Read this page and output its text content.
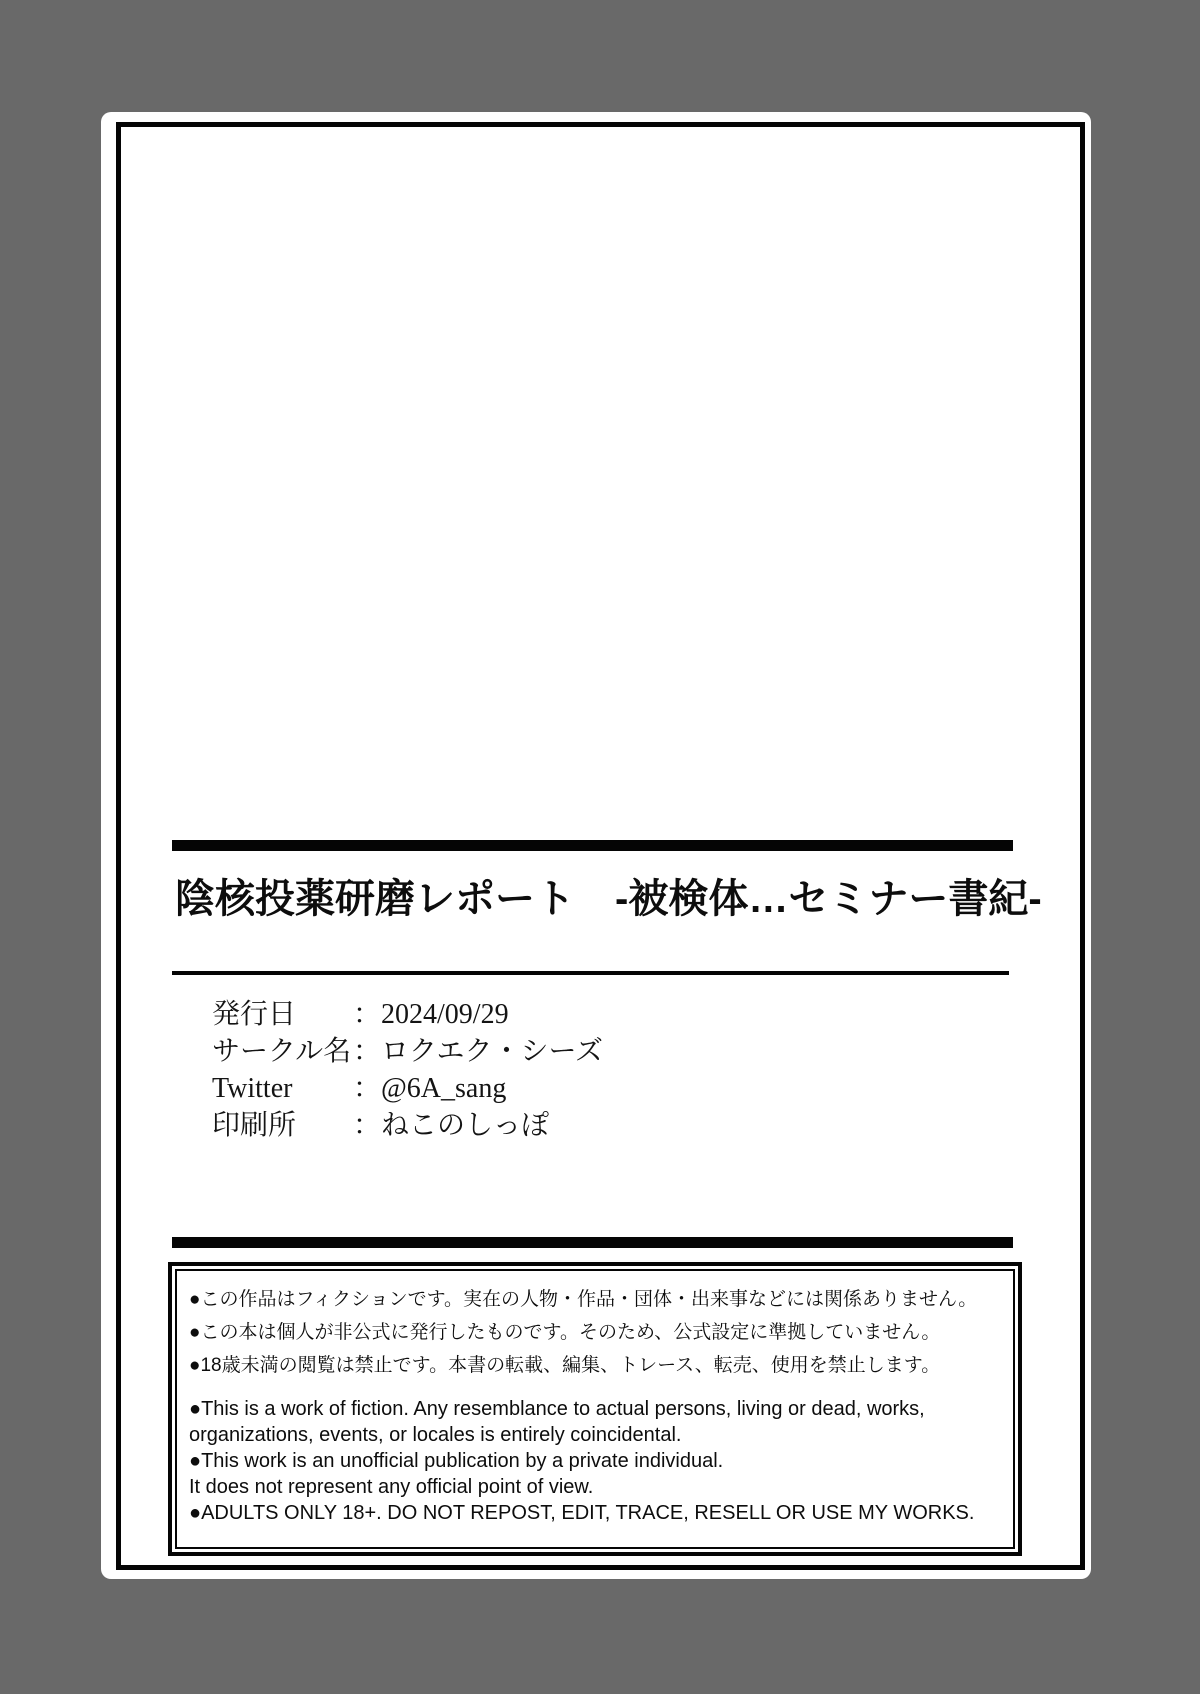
陰核投薬研磨レポート　-被検体…セミナー書紀-
発行日	： 2024/09/29
サークル名 ： ロクエク・シーズ
Twitter	： @6A_sang
印刷所	： ねこのしっぽ
●この作品はフィクションです。実在の人物・作品・団体・出来事などには関係ありません。
●この本は個人が非公式に発行したものです。そのため、公式設定に準拠していません。
●18歳未満の閲覧は禁止です。本書の転載、編集、トレース、転売、使用を禁止します。
●This is a work of fiction. Any resemblance to actual persons, living or dead, works,
organizations, events, or locales is entirely coincidental.
●This work is an unofficial publication by a private individual.
It does not represent any official point of view.
●ADULTS ONLY 18+. DO NOT REPOST, EDIT, TRACE, RESELL OR USE MY WORKS.
